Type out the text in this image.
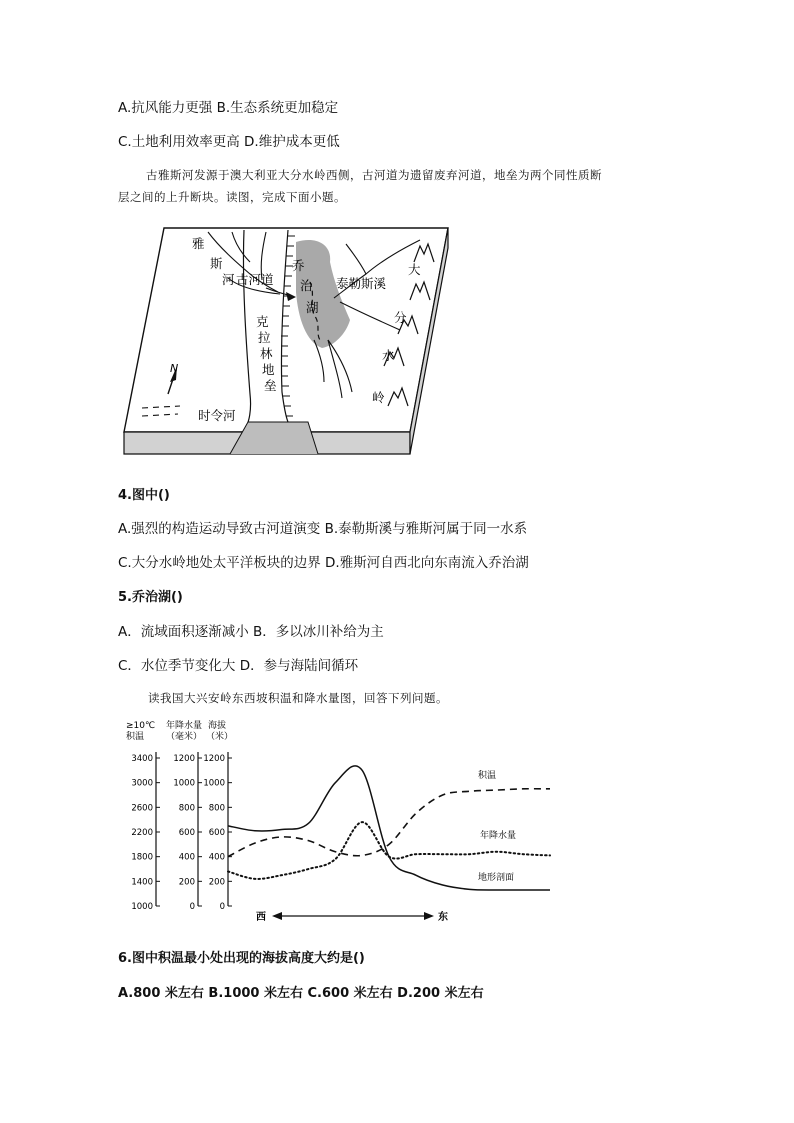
A.抗风能力更强 B.生态系统更加稳定
C.土地利用效率更高 D.维护成本更低
古雅斯河发源于澳大利亚大分水岭西侧，古河道为遗留废弃河道，地垒为两个同性质断
层之间的上升断块。读图，完成下面小题。
N
雅
斯
河 古河道
克
拉
林
地
垒
乔
治
湖
泰勒斯溪
大
分
水
岭
时令河
4.图中()
A.强烈的构造运动导致古河道演变 B.泰勒斯溪与雅斯河属于同一水系
C.大分水岭地处太平洋板块的边界 D.雅斯河自西北向东南流入乔治湖
5.乔治湖()
A．流域面积逐渐减小 B．多以冰川补给为主
C．水位季节变化大 D．参与海陆间循环
读我国大兴安岭东西坡积温和降水量图，回答下列问题。
≥10℃
积温
年降水量
（毫米）
海拔
（米）
3400
3000
2600
2200
1800
1400
1000
1200
1000
800
600
400
200
0
1200
1000
800
600
400
200
0
积温
年降水量
地形剖面
西	东
6.图中积温最小处出现的海拔高度大约是()
A.800 米左右 B.1000 米左右 C.600 米左右 D.200 米左右
